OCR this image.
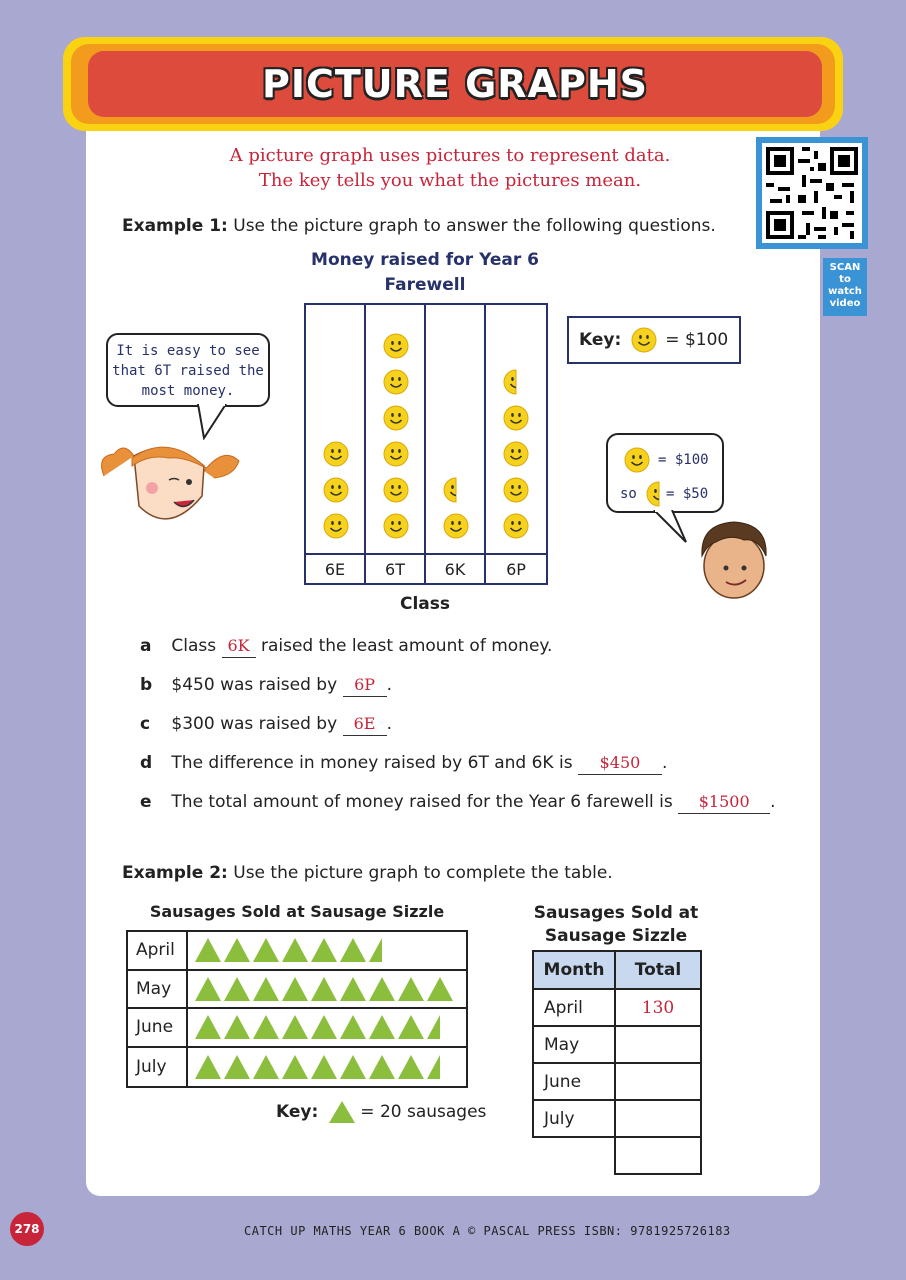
PICTURE GRAPHS
A picture graph uses pictures to represent data.
The key tells you what the pictures mean.
SCAN
to
watch
video
Example 1: Use the picture graph to answer the following questions.
Money raised for Year 6
Farewell
6E	6T	6K	6P
Class
Key:	= $100
It is easy to see
that 6T raised the
most money.
= $100
so = $50
a Class 6K raised the least amount of money.
b $450 was raised by 6P .
c $300 was raised by 6E .
d The difference in money raised by 6T and 6K is $450 .
e The total amount of money raised for the Year 6 farewell is $1500 .
Example 2: Use the picture graph to complete the table.
Sausages Sold at Sausage Sizzle
April
May
June
July
Key: = 20 sausages
Sausages Sold at
Sausage Sizzle
Month	Total
April	130
May	
June	
July	

CATCH UP MATHS YEAR 6 BOOK A © PASCAL PRESS ISBN: 9781925726183
278
